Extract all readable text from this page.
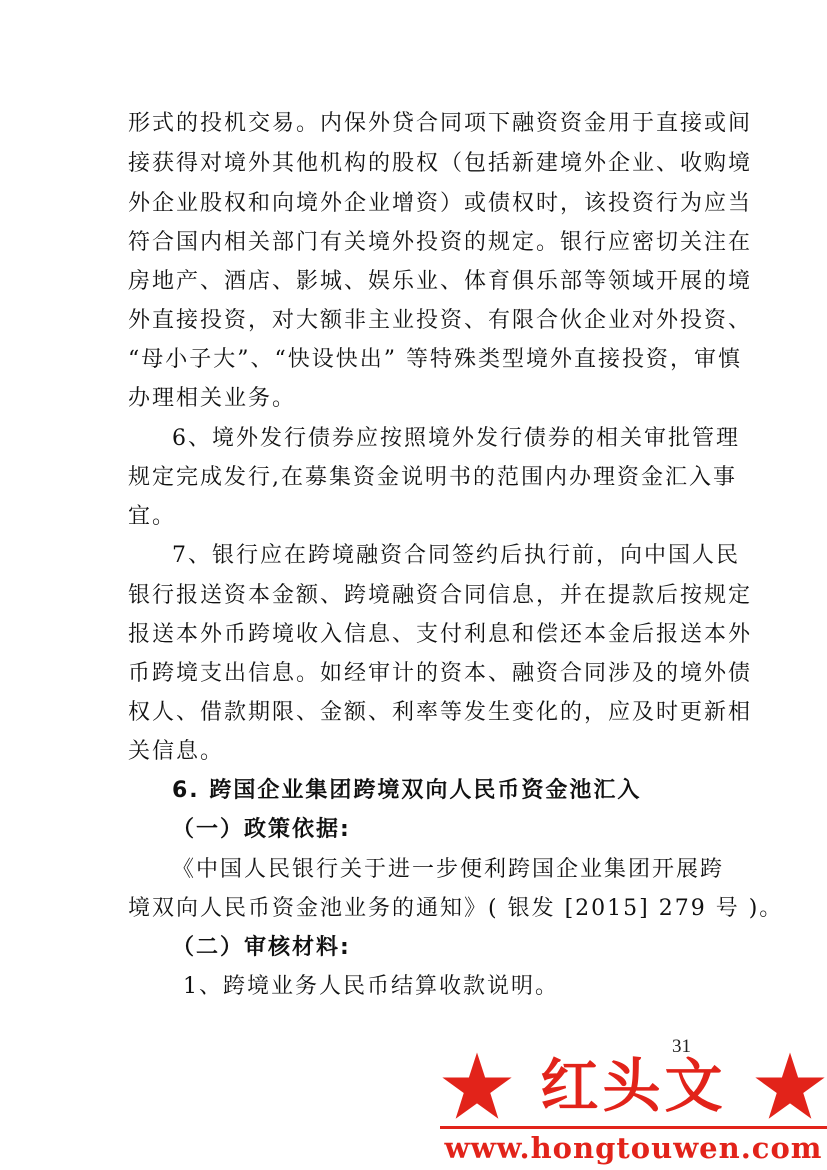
形式的投机交易。内保外贷合同项下融资资金用于直接或间
接获得对境外其他机构的股权（包括新建境外企业、收购境
外企业股权和向境外企业增资）或债权时，该投资行为应当
符合国内相关部门有关境外投资的规定。银行应密切关注在
房地产、酒店、影城、娱乐业、体育俱乐部等领域开展的境
外直接投资，对大额非主业投资、有限合伙企业对外投资、
“母小子大”、“快设快出” 等特殊类型境外直接投资，审慎
办理相关业务。
6、境外发行债券应按照境外发行债券的相关审批管理
规定完成发行,在募集资金说明书的范围内办理资金汇入事
宜。
7、银行应在跨境融资合同签约后执行前，向中国人民
银行报送资本金额、跨境融资合同信息，并在提款后按规定
报送本外币跨境收入信息、支付利息和偿还本金后报送本外
币跨境支出信息。如经审计的资本、融资合同涉及的境外债
权人、借款期限、金额、利率等发生变化的，应及时更新相
关信息。
6. 跨国企业集团跨境双向人民币资金池汇入
（一）政策依据:
《中国人民银行关于进一步便利跨国企业集团开展跨
境双向人民币资金池业务的通知》( 银发 [2015] 279 号 )。
（二）审核材料:
1、跨境业务人民币结算收款说明。
31
红头文
www.hongtouwen.com
